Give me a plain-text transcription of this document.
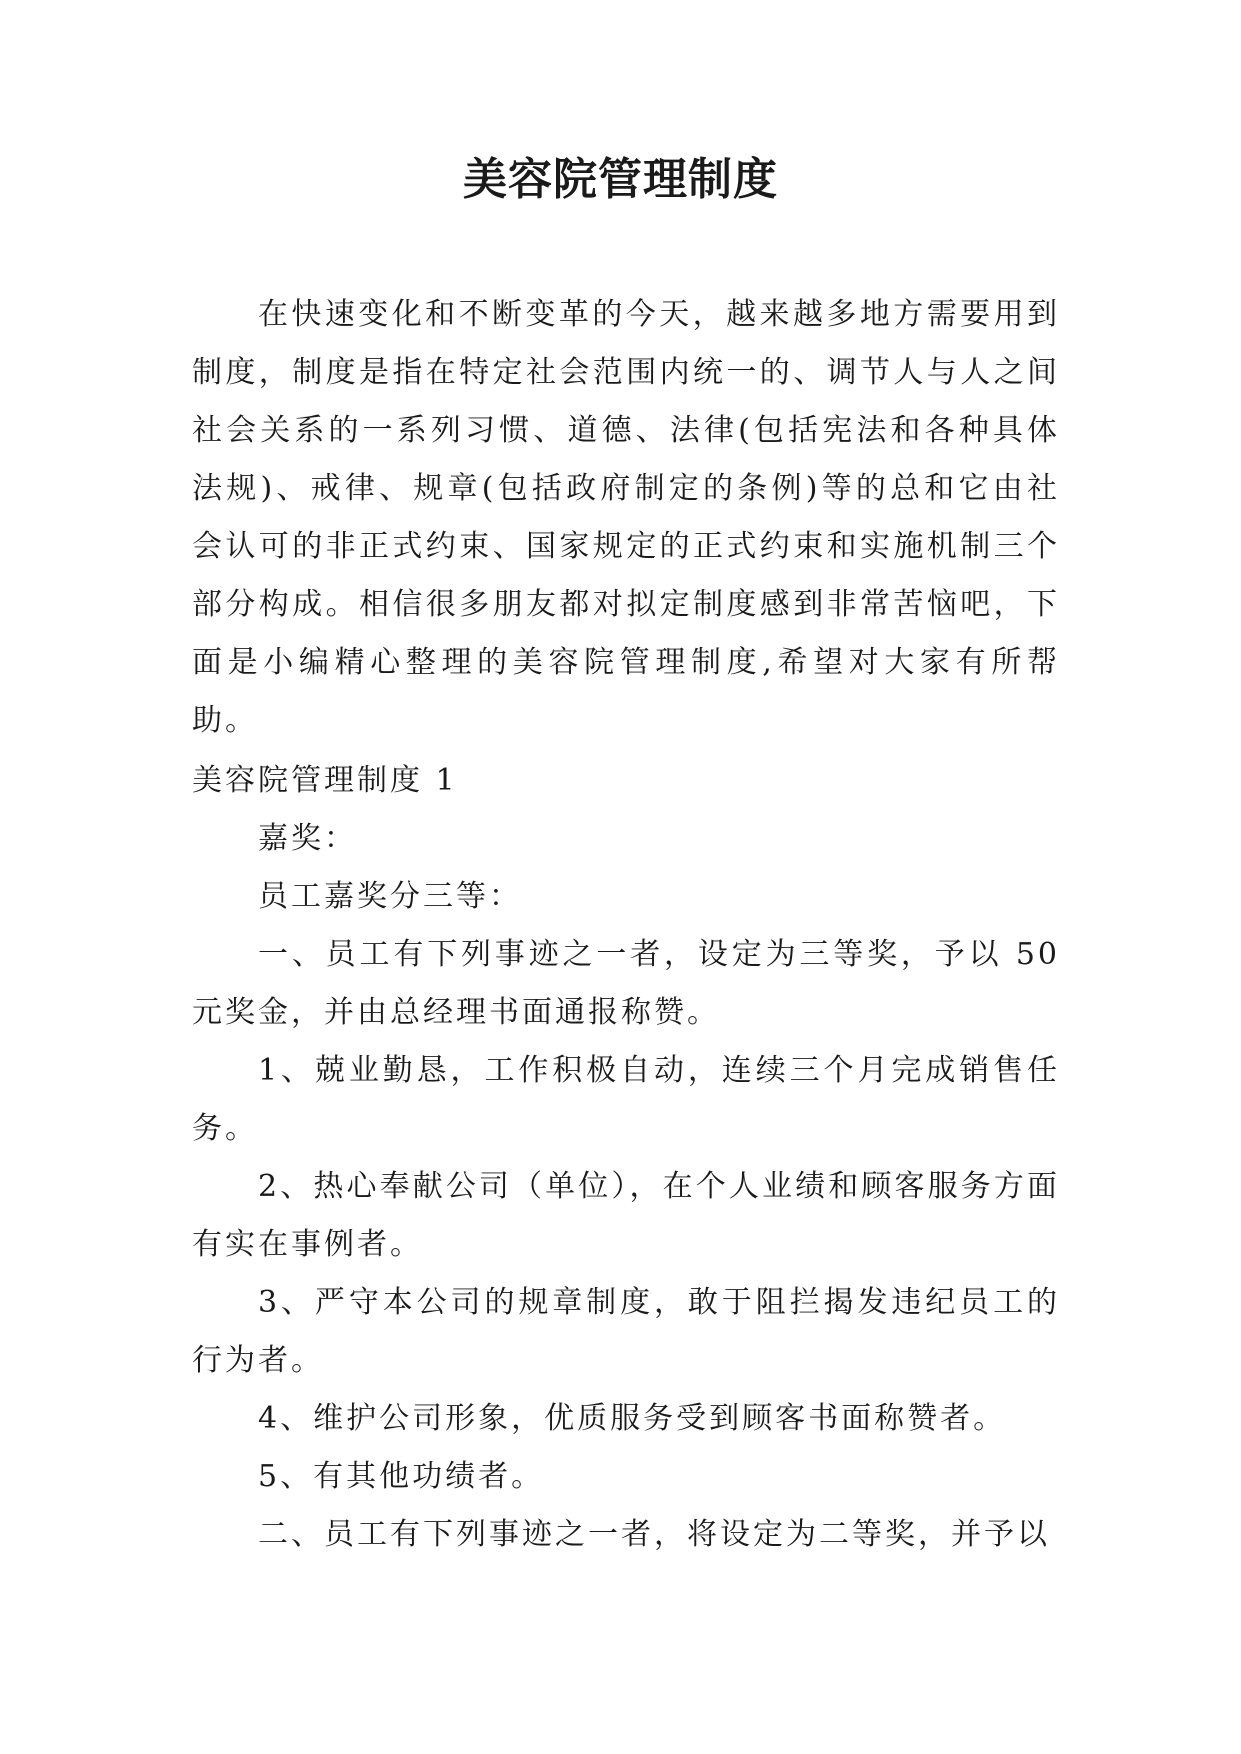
美容院管理制度

在快速变化和不断变革的今天，越来越多地方需要用到制度，制度是指在特定社会范围内统一的、调节人与人之间社会关系的一系列习惯、道德、法律(包括宪法和各种具体法规)、戒律、规章(包括政府制定的条例)等的总和它由社会认可的非正式约束、国家规定的正式约束和实施机制三个部分构成。相信很多朋友都对拟定制度感到非常苦恼吧，下面是小编精心整理的美容院管理制度,希望对大家有所帮助。

美容院管理制度 1

嘉奖：

员工嘉奖分三等：

一、员工有下列事迹之一者，设定为三等奖，予以 50元奖金，并由总经理书面通报称赞。

1、兢业勤恳，工作积极自动，连续三个月完成销售任务。

2、热心奉献公司（单位），在个人业绩和顾客服务方面有实在事例者。

3、严守本公司的规章制度，敢于阻拦揭发违纪员工的行为者。

4、维护公司形象，优质服务受到顾客书面称赞者。

5、有其他功绩者。

二、员工有下列事迹之一者，将设定为二等奖，并予以
